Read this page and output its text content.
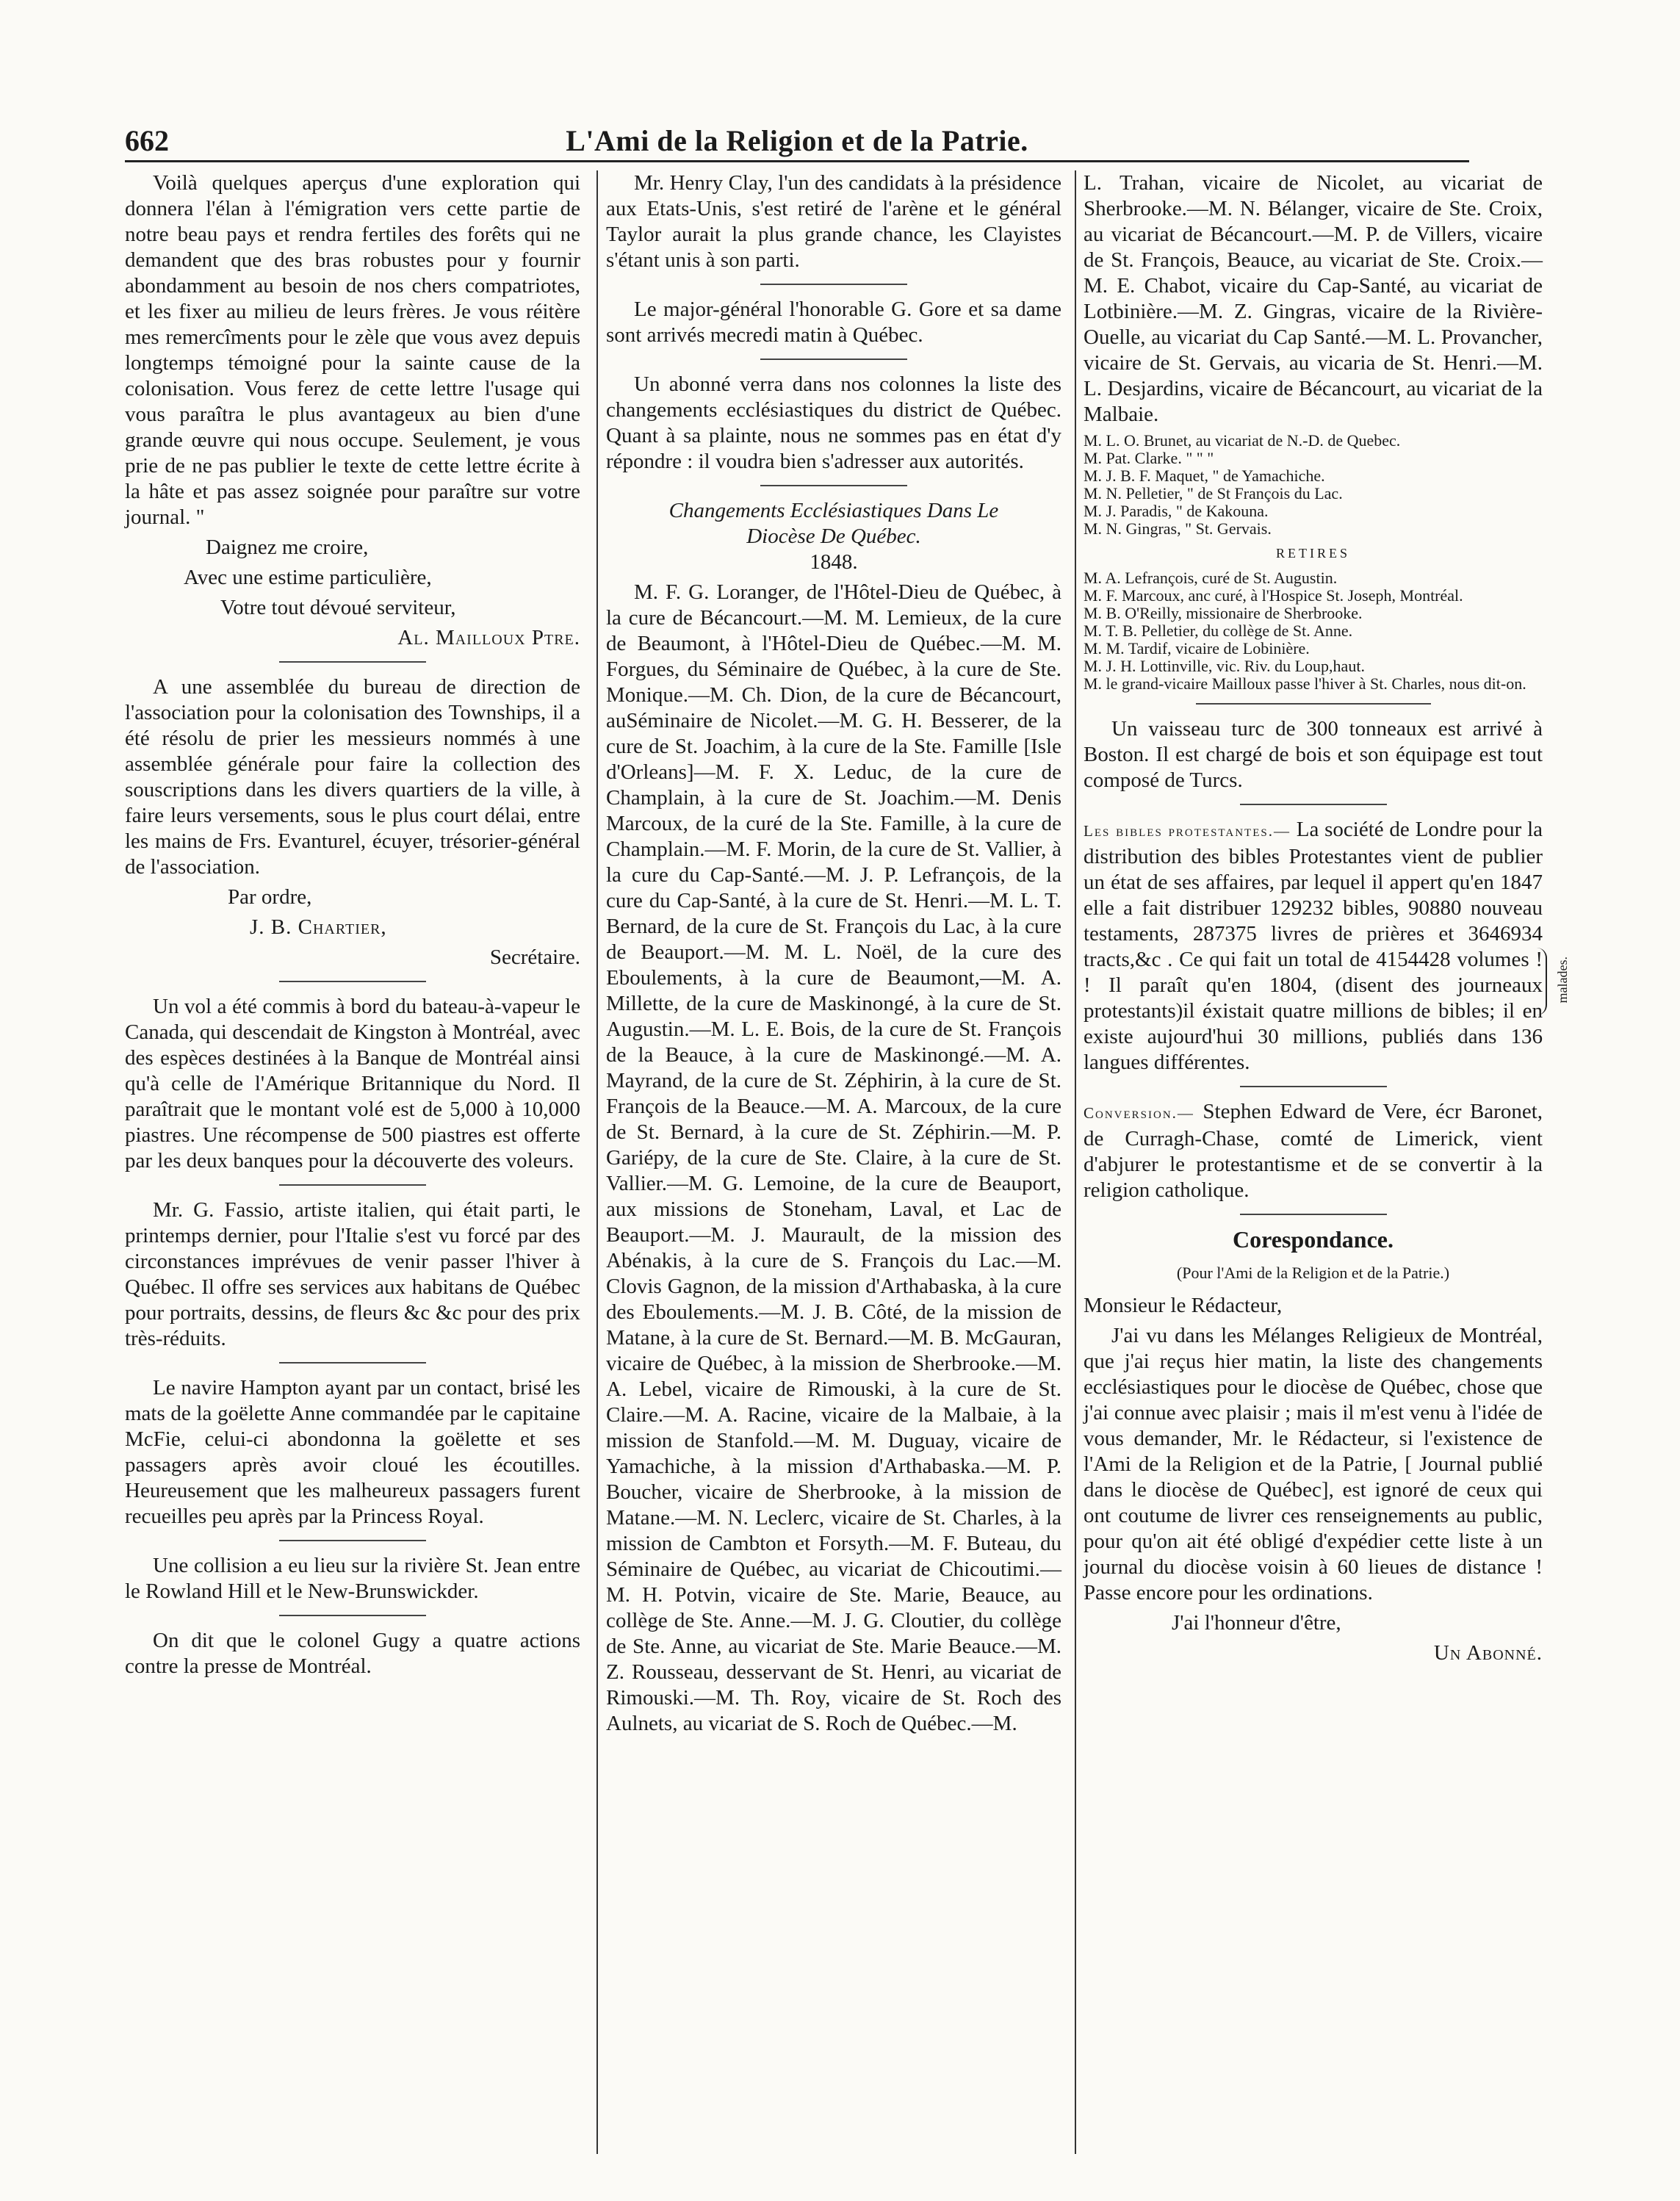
662	L'Ami de la Religion et de la Patrie.

Voilà quelques aperçus d'une exploration qui donnera l'élan à l'émigration vers cette partie de notre beau pays et rendra fertiles des forêts qui ne demandent que des bras robustes pour y fournir abondamment au besoin de nos chers compatriotes, et les fixer au milieu de leurs frères. Je vous réitère mes remercîments pour le zèle que vous avez depuis longtemps témoigné pour la sainte cause de la colonisation. Vous ferez de cette lettre l'usage qui vous paraîtra le plus avantageux au bien d'une grande œuvre qui nous occupe. Seulement, je vous prie de ne pas publier le texte de cette lettre écrite à la hâte et pas assez soignée pour paraître sur votre journal. "

Daignez me croire,

Avec une estime particulière,

Votre tout dévoué serviteur,

Al. Mailloux Ptre.

A une assemblée du bureau de direction de l'association pour la colonisation des Townships, il a été résolu de prier les messieurs nommés à une assemblée générale pour faire la collection des souscriptions dans les divers quartiers de la ville, à faire leurs versements, sous le plus court délai, entre les mains de Frs. Evanturel, écuyer, trésorier-général de l'association.

Par ordre,

J. B. Chartier,

Secrétaire.

Un vol a été commis à bord du bateau-à-vapeur le Canada, qui descendait de Kingston à Montréal, avec des espèces destinées à la Banque de Montréal ainsi qu'à celle de l'Amérique Britannique du Nord. Il paraîtrait que le montant volé est de 5,000 à 10,000 piastres. Une récompense de 500 piastres est offerte par les deux banques pour la découverte des voleurs.

Mr. G. Fassio, artiste italien, qui était parti, le printemps dernier, pour l'Italie s'est vu forcé par des circonstances imprévues de venir passer l'hiver à Québec. Il offre ses services aux habitans de Québec pour portraits, dessins, de fleurs &c &c pour des prix très-réduits.

Le navire Hampton ayant par un contact, brisé les mats de la goëlette Anne commandée par le capitaine McFie, celui-ci abondonna la goëlette et ses passagers après avoir cloué les écoutilles. Heureusement que les malheureux passagers furent recueilles peu après par la Princess Royal.

Une collision a eu lieu sur la rivière St. Jean entre le Rowland Hill et le New-Brunswickder.

On dit que le colonel Gugy a quatre actions contre la presse de Montréal.

Mr. Henry Clay, l'un des candidats à la présidence aux Etats-Unis, s'est retiré de l'arène et le général Taylor aurait la plus grande chance, les Clayistes s'étant unis à son parti.

Le major-général l'honorable G. Gore et sa dame sont arrivés mecredi matin à Québec.

Un abonné verra dans nos colonnes la liste des changements ecclésiastiques du district de Québec. Quant à sa plainte, nous ne sommes pas en état d'y répondre : il voudra bien s'adresser aux autorités.

Changements Ecclésiastiques Dans Le

Diocèse De Québec.

1848.

M. F. G. Loranger, de l'Hôtel-Dieu de Québec, à la cure de Bécancourt.—M. M. Lemieux, de la cure de Beaumont, à l'Hôtel-Dieu de Québec.—M. M. Forgues, du Séminaire de Québec, à la cure de Ste. Monique.—M. Ch. Dion, de la cure de Bécancourt, auSéminaire de Nicolet.—M. G. H. Besserer, de la cure de St. Joachim, à la cure de la Ste. Famille [Isle d'Orleans]—M. F. X. Leduc, de la cure de Champlain, à la cure de St. Joachim.—M. Denis Marcoux, de la curé de la Ste. Famille, à la cure de Champlain.—M. F. Morin, de la cure de St. Vallier, à la cure du Cap-Santé.—M. J. P. Lefrançois, de la cure du Cap-Santé, à la cure de St. Henri.—M. L. T. Bernard, de la cure de St. François du Lac, à la cure de Beauport.—M. M. L. Noël, de la cure des Eboulements, à la cure de Beaumont,—M. A. Millette, de la cure de Maskinongé, à la cure de St. Augustin.—M. L. E. Bois, de la cure de St. François de la Beauce, à la cure de Maskinongé.—M. A. Mayrand, de la cure de St. Zéphirin, à la cure de St. François de la Beauce.—M. A. Marcoux, de la cure de St. Bernard, à la cure de St. Zéphirin.—M. P. Gariépy, de la cure de Ste. Claire, à la cure de St. Vallier.—M. G. Lemoine, de la cure de Beauport, aux missions de Stoneham, Laval, et Lac de Beauport.—M. J. Maurault, de la mission des Abénakis, à la cure de S. François du Lac.—M. Clovis Gagnon, de la mission d'Arthabaska, à la cure des Eboulements.—M. J. B. Côté, de la mission de Matane, à la cure de St. Bernard.—M. B. McGauran, vicaire de Québec, à la mission de Sherbrooke.—M. A. Lebel, vicaire de Rimouski, à la cure de St. Claire.—M. A. Racine, vicaire de la Malbaie, à la mission de Stanfold.—M. M. Duguay, vicaire de Yamachiche, à la mission d'Arthabaska.—M. P. Boucher, vicaire de Sherbrooke, à la mission de Matane.—M. N. Leclerc, vicaire de St. Charles, à la mission de Cambton et Forsyth.—M. F. Buteau, du Séminaire de Québec, au vicariat de Chicoutimi.—M. H. Potvin, vicaire de Ste. Marie, Beauce, au collège de Ste. Anne.—M. J. G. Cloutier, du collège de Ste. Anne, au vicariat de Ste. Marie Beauce.—M. Z. Rousseau, desservant de St. Henri, au vicariat de Rimouski.—M. Th. Roy, vicaire de St. Roch des Aulnets, au vicariat de S. Roch de Québec.—M.

L. Trahan, vicaire de Nicolet, au vicariat de Sherbrooke.—M. N. Bélanger, vicaire de Ste. Croix, au vicariat de Bécancourt.—M. P. de Villers, vicaire de St. François, Beauce, au vicariat de Ste. Croix.—M. E. Chabot, vicaire du Cap-Santé, au vicariat de Lotbinière.—M. Z. Gingras, vicaire de la Rivière-Ouelle, au vicariat du Cap Santé.—M. L. Provancher, vicaire de St. Gervais, au vicaria de St. Henri.—M. L. Desjardins, vicaire de Bécancourt, au vicariat de la Malbaie.

M. L. O. Brunet, au vicariat de N.-D. de Quebec.

M. Pat. Clarke. " " "

M. J. B. F. Maquet, " de Yamachiche.

M. N. Pelletier, " de St François du Lac.

M. J. Paradis, " de Kakouna.

M. N. Gingras, " St. Gervais.

RETIRES

M. A. Lefrançois, curé de St. Augustin.

M. F. Marcoux, anc curé, à l'Hospice St. Joseph, Montréal.

M. B. O'Reilly, missionaire de Sherbrooke.

M. T. B. Pelletier, du collège de St. Anne.

M. M. Tardif, vicaire de Lobinière.

M. J. H. Lottinville, vic. Riv. du Loup,haut.

M. le grand-vicaire Mailloux passe l'hiver à St. Charles, nous dit-on.

malades.

Un vaisseau turc de 300 tonneaux est arrivé à Boston. Il est chargé de bois et son équipage est tout composé de Turcs.

Les bibles protestantes.— La société de Londre pour la distribution des bibles Protestantes vient de publier un état de ses affaires, par lequel il appert qu'en 1847 elle a fait distribuer 129232 bibles, 90880 nouveau testaments, 287375 livres de prières et 3646934 tracts,&c . Ce qui fait un total de 4154428 volumes ! ! Il paraît qu'en 1804, (disent des journeaux protestants)il éxistait quatre millions de bibles; il en existe aujourd'hui 30 millions, publiés dans 136 langues différentes.

Conversion.— Stephen Edward de Vere, écr Baronet, de Curragh-Chase, comté de Limerick, vient d'abjurer le protestantisme et de se convertir à la religion catholique.

Corespondance.

(Pour l'Ami de la Religion et de la Patrie.)

Monsieur le Rédacteur,

J'ai vu dans les Mélanges Religieux de Montréal, que j'ai reçus hier matin, la liste des changements ecclésiastiques pour le diocèse de Québec, chose que j'ai connue avec plaisir ; mais il m'est venu à l'idée de vous demander, Mr. le Rédacteur, si l'existence de l'Ami de la Religion et de la Patrie, [ Journal publié dans le diocèse de Québec], est ignoré de ceux qui ont coutume de livrer ces renseignements au public, pour qu'on ait été obligé d'expédier cette liste à un journal du diocèse voisin à 60 lieues de distance ! Passe encore pour les ordinations.

J'ai l'honneur d'être,

Un Abonné.
